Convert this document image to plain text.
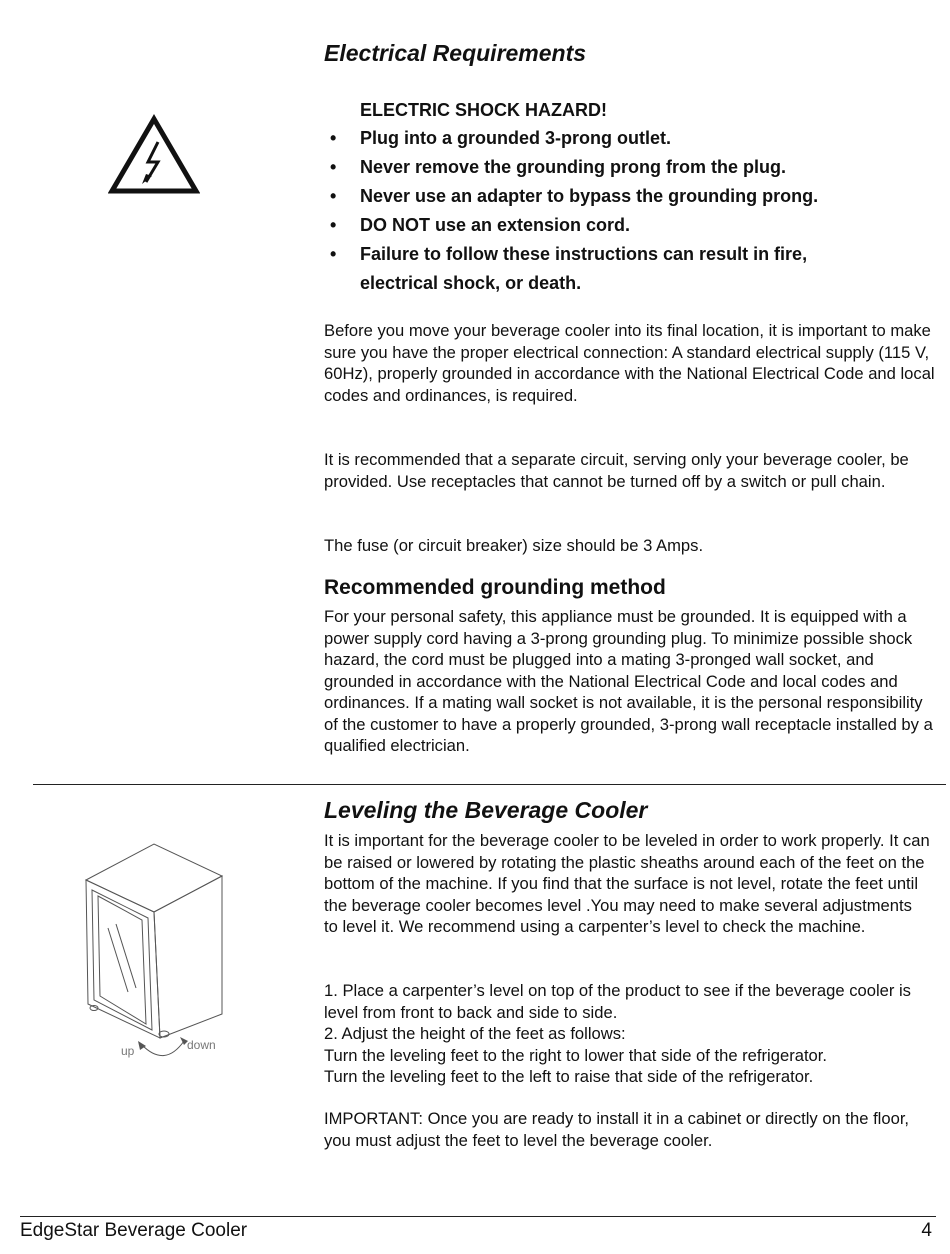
Electrical Requirements
ELECTRIC SHOCK HAZARD!
• Plug into a grounded 3-prong outlet.
• Never remove the grounding prong from the plug.
• Never use an adapter to bypass the grounding prong.
• DO NOT use an extension cord.
• Failure to follow these instructions can result in fire, electrical shock, or death.

Before you move your beverage cooler into its final location, it is important to make sure you have the proper electrical connection: A standard electrical supply (115 V, 60Hz), properly grounded in accordance with the National Electrical Code and local codes and ordinances, is required.

It is recommended that a separate circuit, serving only your beverage cooler, be provided. Use receptacles that cannot be turned off by a switch or pull chain.

The fuse (or circuit breaker) size should be 3 Amps.

Recommended grounding method

For your personal safety, this appliance must be grounded. It is equipped with a power supply cord having a 3-prong grounding plug. To minimize possible shock hazard, the cord must be plugged into a mating 3-pronged wall socket, and grounded in accordance with the National Electrical Code and local codes and ordinances. If a mating wall socket is not available, it is the personal responsibility of the customer to have a properly grounded, 3-prong wall receptacle installed by a qualified electrician.

Leveling the Beverage Cooler

It is important for the beverage cooler to be leveled in order to work properly. It can be raised or lowered by rotating the plastic sheaths around each of the feet on the bottom of the machine. If you find that the surface is not level, rotate the feet until the beverage cooler becomes level .You may need to make several adjustments to level it. We recommend using a carpenter’s level to check the machine.

1. Place a carpenter’s level on top of the product to see if the beverage cooler is level from front to back and side to side.

2. Adjust the height of the feet as follows:

Turn the leveling feet to the right to lower that side of the refrigerator.

Turn the leveling feet to the left to raise that side of the refrigerator.

IMPORTANT: Once you are ready to install it in a cabinet or directly on the floor, you must adjust the feet to level the beverage cooler.

up	down
EdgeStar Beverage Cooler	4
